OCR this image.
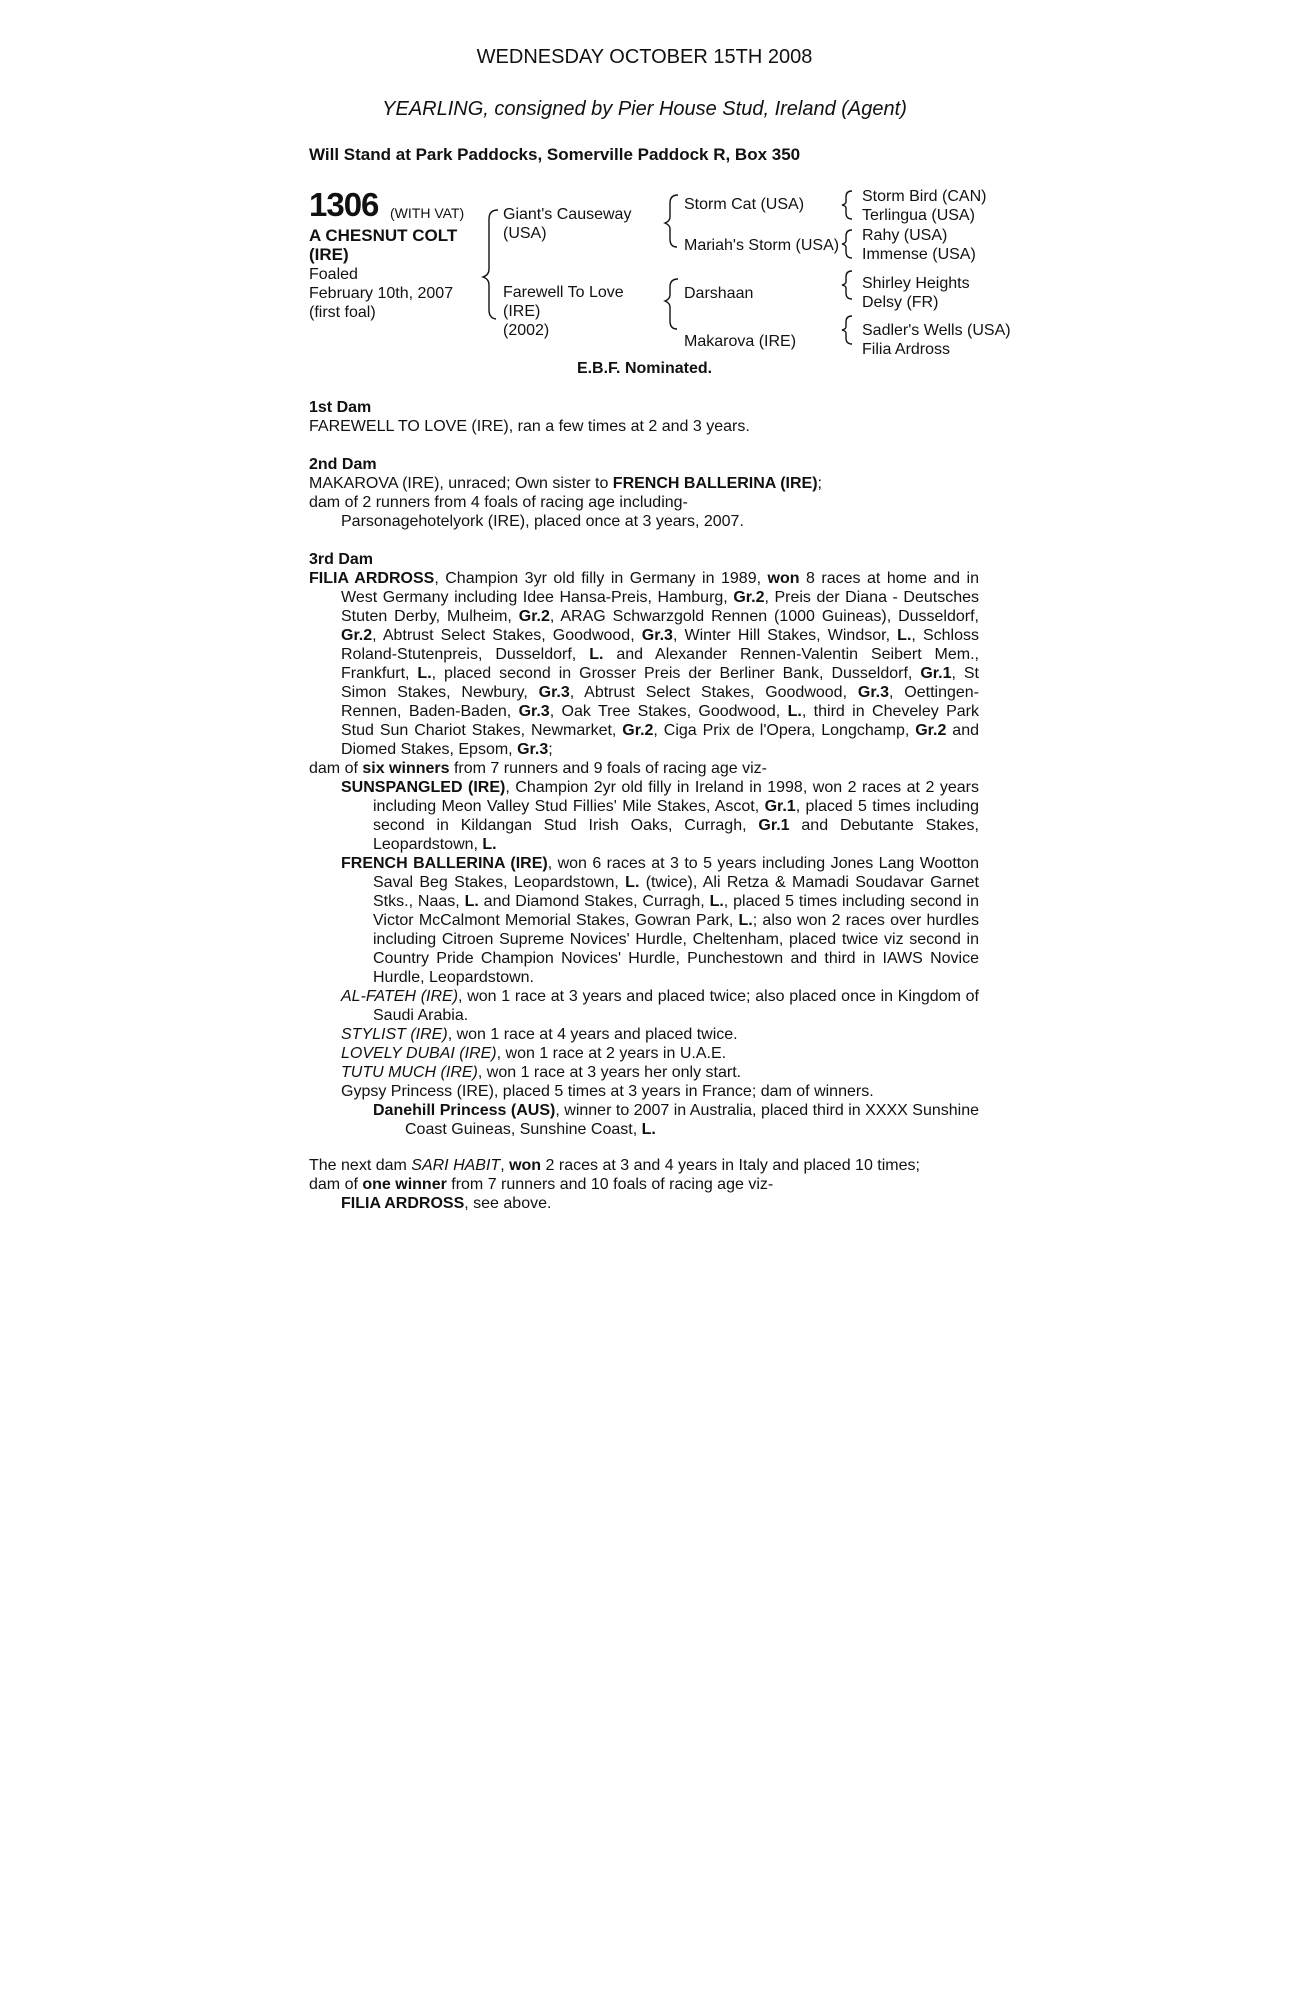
WEDNESDAY OCTOBER 15TH 2008
YEARLING, consigned by Pier House Stud, Ireland (Agent)
Will Stand at Park Paddocks, Somerville Paddock R, Box 350
1306 (WITH VAT)
A CHESNUT COLT
(IRE)
Foaled
February 10th, 2007
(first foal)
Giant's Causeway
(USA)
Farewell To Love
(IRE)
(2002)
Storm Cat (USA)
Mariah's Storm (USA)
Darshaan
Makarova (IRE)
Storm Bird (CAN)
Terlingua (USA)
Rahy (USA)
Immense (USA)
Shirley Heights
Delsy (FR)
Sadler's Wells (USA)
Filia Ardross
E.B.F. Nominated.
1st Dam

FAREWELL TO LOVE (IRE), ran a few times at 2 and 3 years.

2nd Dam

MAKAROVA (IRE), unraced; Own sister to FRENCH BALLERINA (IRE);

dam of 2 runners from 4 foals of racing age including-

Parsonagehotelyork (IRE), placed once at 3 years, 2007.

3rd Dam

FILIA ARDROSS, Champion 3yr old filly in Germany in 1989, won 8 races at home and in West Germany including Idee Hansa-Preis, Hamburg, Gr.2, Preis der Diana - Deutsches Stuten Derby, Mulheim, Gr.2, ARAG Schwarzgold Rennen (1000 Guineas), Dusseldorf, Gr.2, Abtrust Select Stakes, Goodwood, Gr.3, Winter Hill Stakes, Windsor, L., Schloss Roland-Stutenpreis, Dusseldorf, L. and Alexander Rennen-Valentin Seibert Mem., Frankfurt, L., placed second in Grosser Preis der Berliner Bank, Dusseldorf, Gr.1, St Simon Stakes, Newbury, Gr.3, Abtrust Select Stakes, Goodwood, Gr.3, Oettingen-Rennen, Baden-Baden, Gr.3, Oak Tree Stakes, Goodwood, L., third in Cheveley Park Stud Sun Chariot Stakes, Newmarket, Gr.2, Ciga Prix de l'Opera, Longchamp, Gr.2 and Diomed Stakes, Epsom, Gr.3;

dam of six winners from 7 runners and 9 foals of racing age viz-

SUNSPANGLED (IRE), Champion 2yr old filly in Ireland in 1998, won 2 races at 2 years including Meon Valley Stud Fillies' Mile Stakes, Ascot, Gr.1, placed 5 times including second in Kildangan Stud Irish Oaks, Curragh, Gr.1 and Debutante Stakes, Leopardstown, L.

FRENCH BALLERINA (IRE), won 6 races at 3 to 5 years including Jones Lang Wootton Saval Beg Stakes, Leopardstown, L. (twice), Ali Retza & Mamadi Soudavar Garnet Stks., Naas, L. and Diamond Stakes, Curragh, L., placed 5 times including second in Victor McCalmont Memorial Stakes, Gowran Park, L.; also won 2 races over hurdles including Citroen Supreme Novices' Hurdle, Cheltenham, placed twice viz second in Country Pride Champion Novices' Hurdle, Punchestown and third in IAWS Novice Hurdle, Leopardstown.

AL-FATEH (IRE), won 1 race at 3 years and placed twice; also placed once in Kingdom of Saudi Arabia.

STYLIST (IRE), won 1 race at 4 years and placed twice.

LOVELY DUBAI (IRE), won 1 race at 2 years in U.A.E.

TUTU MUCH (IRE), won 1 race at 3 years her only start.

Gypsy Princess (IRE), placed 5 times at 3 years in France; dam of winners.

Danehill Princess (AUS), winner to 2007 in Australia, placed third in XXXX Sunshine Coast Guineas, Sunshine Coast, L.

The next dam SARI HABIT, won 2 races at 3 and 4 years in Italy and placed 10 times;

dam of one winner from 7 runners and 10 foals of racing age viz-

FILIA ARDROSS, see above.
